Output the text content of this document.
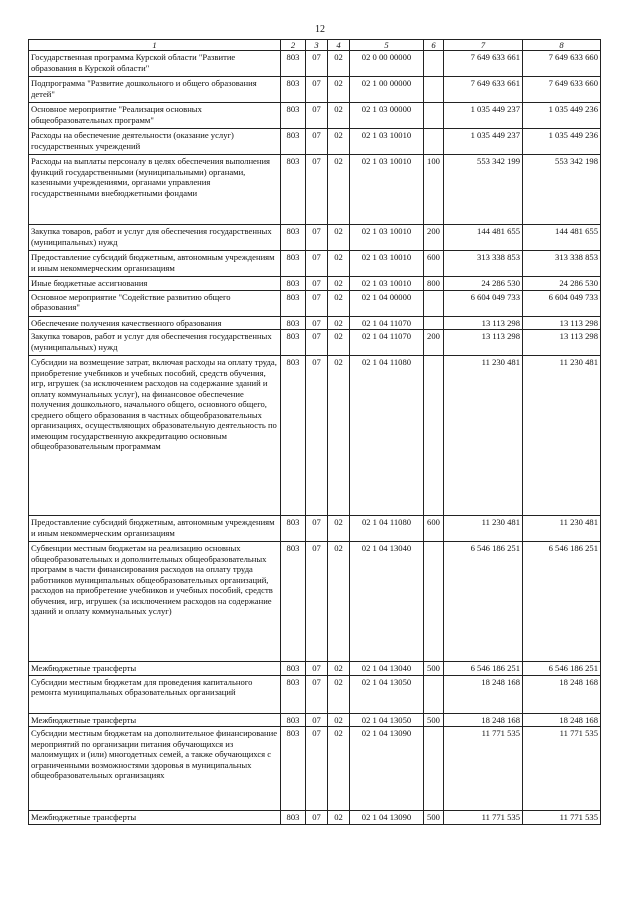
12
1	2	3	4	5	6	7	8
Государственная программа Курской области "Развитие образования в Курской области"	803	07	02	02 0 00 00000		7 649 633 661	7 649 633 660
Подпрограмма "Развитие дошкольного и общего образования детей"	803	07	02	02 1 00 00000		7 649 633 661	7 649 633 660
Основное мероприятие "Реализация основных общеобразовательных программ"	803	07	02	02 1 03 00000		1 035 449 237	1 035 449 236
Расходы на обеспечение деятельности (оказание услуг) государственных учреждений	803	07	02	02 1 03 10010		1 035 449 237	1 035 449 236
Расходы на выплаты персоналу в целях обеспечения выполнения функций государственными (муниципальными) органами, казенными учреждениями, органами управления государственными внебюджетными фондами	803	07	02	02 1 03 10010	100	553 342 199	553 342 198
Закупка товаров, работ и услуг для обеспечения государственных (муниципальных) нужд	803	07	02	02 1 03 10010	200	144 481 655	144 481 655
Предоставление субсидий бюджетным, автономным учреждениям и иным некоммерческим организациям	803	07	02	02 1 03 10010	600	313 338 853	313 338 853
Иные бюджетные ассигнования	803	07	02	02 1 03 10010	800	24 286 530	24 286 530
Основное мероприятие "Содействие развитию общего образования"	803	07	02	02 1 04 00000		6 604 049 733	6 604 049 733
Обеспечение получения качественного образования	803	07	02	02 1 04 11070		13 113 298	13 113 298
Закупка товаров, работ и услуг для обеспечения государственных (муниципальных) нужд	803	07	02	02 1 04 11070	200	13 113 298	13 113 298
Субсидии на возмещение затрат, включая расходы на оплату труда, приобретение учебников и учебных пособий, средств обучения, игр, игрушек (за исключением расходов на содержание зданий и оплату коммунальных услуг), на финансовое обеспечение получения дошкольного, начального общего, основного общего, среднего общего образования в частных общеобразовательных организациях, осуществляющих образовательную деятельность по имеющим государственную аккредитацию основным общеобразовательным программам	803	07	02	02 1 04 11080		11 230 481	11 230 481
Предоставление субсидий бюджетным, автономным учреждениям и иным некоммерческим организациям	803	07	02	02 1 04 11080	600	11 230 481	11 230 481
Субвенции местным бюджетам на реализацию основных общеобразовательных и дополнительных общеобразовательных программ в части финансирования расходов на оплату труда работников муниципальных общеобразовательных организаций, расходов на приобретение учебников и учебных пособий, средств обучения, игр, игрушек (за исключением расходов на содержание зданий и оплату коммунальных услуг)	803	07	02	02 1 04 13040		6 546 186 251	6 546 186 251
Межбюджетные трансферты	803	07	02	02 1 04 13040	500	6 546 186 251	6 546 186 251
Субсидии местным бюджетам для проведения капитального ремонта муниципальных образовательных организаций	803	07	02	02 1 04 13050		18 248 168	18 248 168
Межбюджетные трансферты	803	07	02	02 1 04 13050	500	18 248 168	18 248 168
Субсидии местным бюджетам на дополнительное финансирование мероприятий по организации питания обучающихся из малоимущих и (или) многодетных семей, а также обучающихся с ограниченными возможностями здоровья в муниципальных общеобразовательных организациях	803	07	02	02 1 04 13090		11 771 535	11 771 535
Межбюджетные трансферты	803	07	02	02 1 04 13090	500	11 771 535	11 771 535
